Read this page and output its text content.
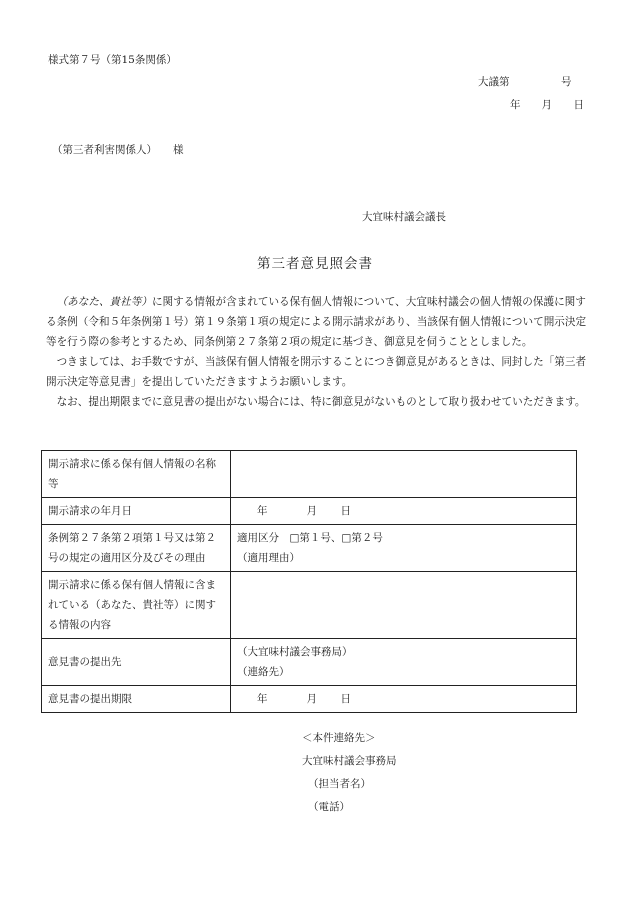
様式第７号（第15条関係）
大議第	号
年 月 日
（第三者利害関係人） 様
大宜味村議会議長
第三者意見照会書

（あなた、貴社等）に関する情報が含まれている保有個人情報について、大宜味村議会の個人情報の保護に関する条例（令和５年条例第１号）第１９条第１項の規定による開示請求があり、当該保有個人情報について開示決定等を行う際の参考とするため、同条例第２７条第２項の規定に基づき、御意見を伺うこととしました。

つきましては、お手数ですが、当該保有個人情報を開示することにつき御意見があるときは、同封した「第三者開示決定等意見書」を提出していただきますようお願いします。

なお、提出期限までに意見書の提出がない場合には、特に御意見がないものとして取り扱わせていただきます。

開示請求に係る保有個人情報の名称等	
開示請求の年月日	年 月 日
条例第２７条第２項第１号又は第２号の規定の適用区分及びその理由	適用区分　□第１号、□第２号
（適用理由）

開示請求に係る保有個人情報に含まれている（あなた、貴社等）に関する情報の内容	
意見書の提出先	（大宜味村議会事務局）
（連絡先）

意見書の提出期限	年 月 日
＜本件連絡先＞
大宜味村議会事務局
（担当者名）
（電話）
